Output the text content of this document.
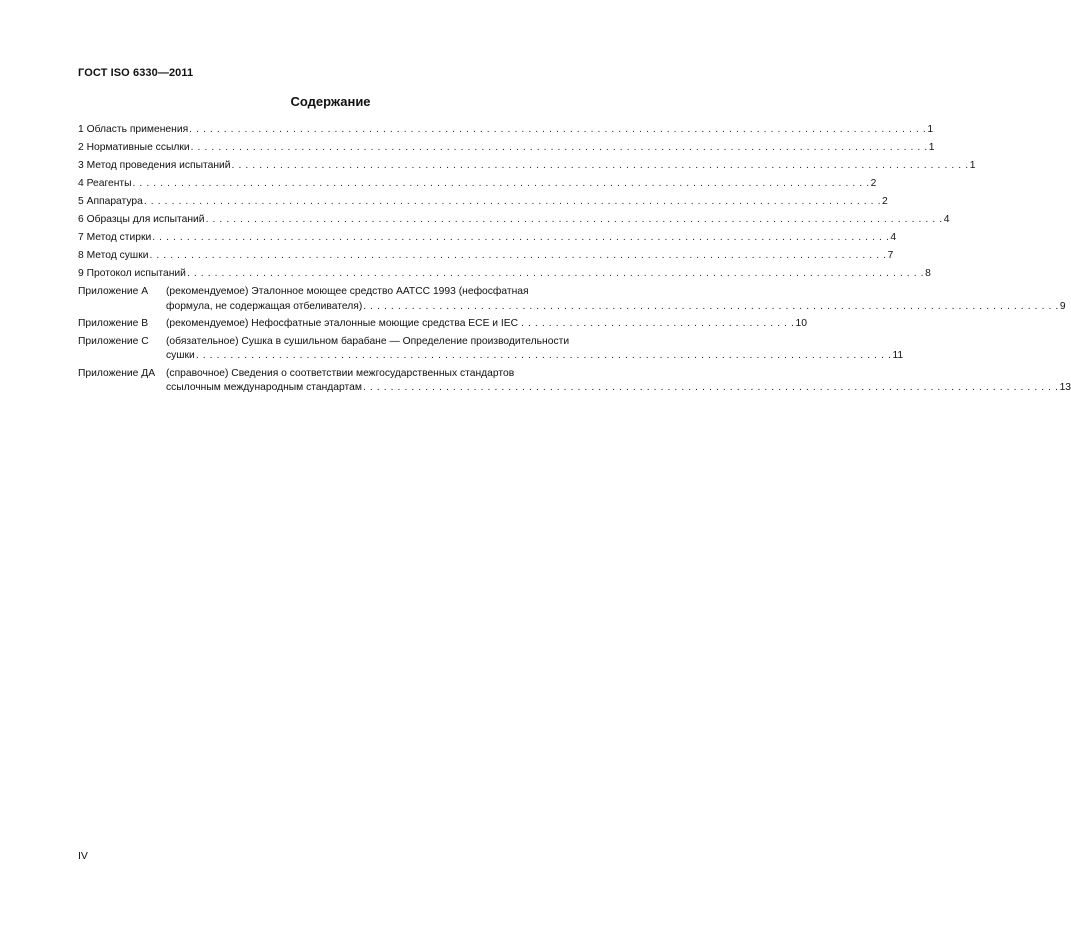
ГОСТ ISO 6330—2011
Содержание
1 Область применения . . .	1
2 Нормативные ссылки . . .	1
3 Метод проведения испытаний . . .	1
4 Реагенты . . .	2
5 Аппаратура . . .	2
6 Образцы для испытаний . . .	4
7 Метод стирки . . .	4
8 Метод сушки . . .	7
9 Протокол испытаний . . .	8
Приложение А	(рекомендуемое) Эталонное моющее средство AATCC 1993 (нефосфатная
формула, не содержащая отбеливателя) . . .	9
Приложение В	(рекомендуемое) Нефосфатные эталонные моющие средства ЕСЕ и IEC . . .	10
Приложение С	(обязательное) Сушка в сушильном барабане — Определение производительности
сушки . . .	11
Приложение ДА	(справочное) Сведения о соответствии межгосударственных стандартов
ссылочным международным стандартам . . .	13
IV
